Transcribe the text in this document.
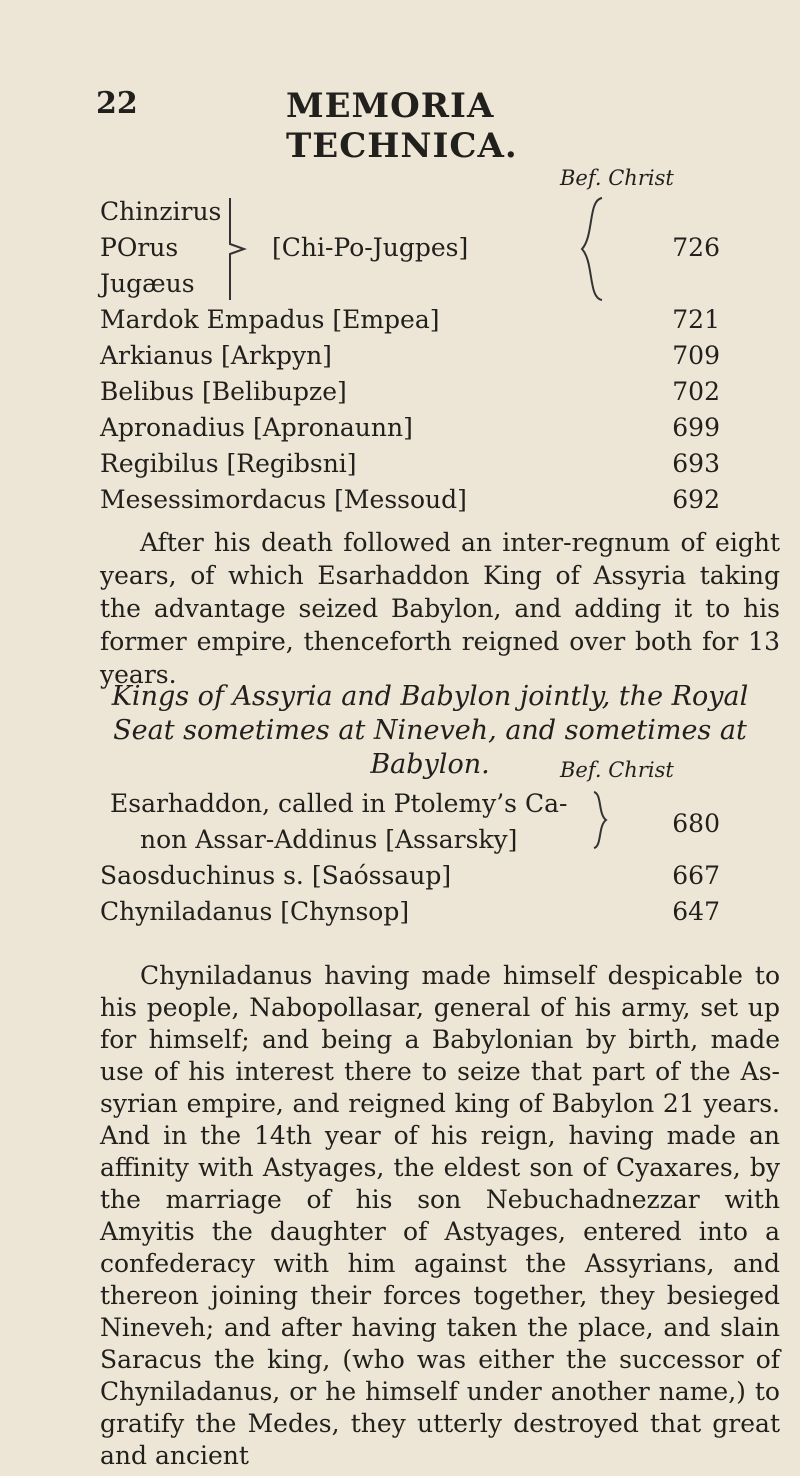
22	MEMORIA TECHNICA.
Bef. Christ
Chinzirus
POrus	[Chi-Po-Jugpes]	726
Jugæus
Mardok Empadus [Empea]	721
Arkianus [Arkpyn]	709
Belibus [Belibupze]	702
Apronadius [Apronaunn]	699
Regibilus [Regibsni]	693
Mesessimordacus [Messoud]	692
After his death followed an inter-regnum of eight years, of which Esarhaddon King of Assyria taking the advantage seized Babylon, and adding it to his former empire, thenceforth reigned over both for 13 years.
Kings of Assyria and Babylon jointly, the Royal Seat sometimes at Nineveh, and sometimes at Babylon.	Bef. Christ
Esarhaddon, called in Ptolemy’s Ca-
non Assar-Addinus [Assarsky]
680
Saosduchinus s. [Saóssaup]	667
Chyniladanus [Chynsop]	647
Chyniladanus having made himself despicable to his people, Nabopollasar, general of his army, set up for himself; and being a Babylonian by birth, made use of his interest there to seize that part of the As-syrian empire, and reigned king of Babylon 21 years. And in the 14th year of his reign, having made an affinity with Astyages, the eldest son of Cyaxares, by the marriage of his son Nebuchadnezzar with Amyitis the daughter of Astyages, entered into a confederacy with him against the Assyrians, and thereon joining their forces together, they besieged Nineveh; and after having taken the place, and slain Saracus the king, (who was either the successor of Chyniladanus, or he himself under another name,) to gratify the Medes, they utterly destroyed that great and ancient
